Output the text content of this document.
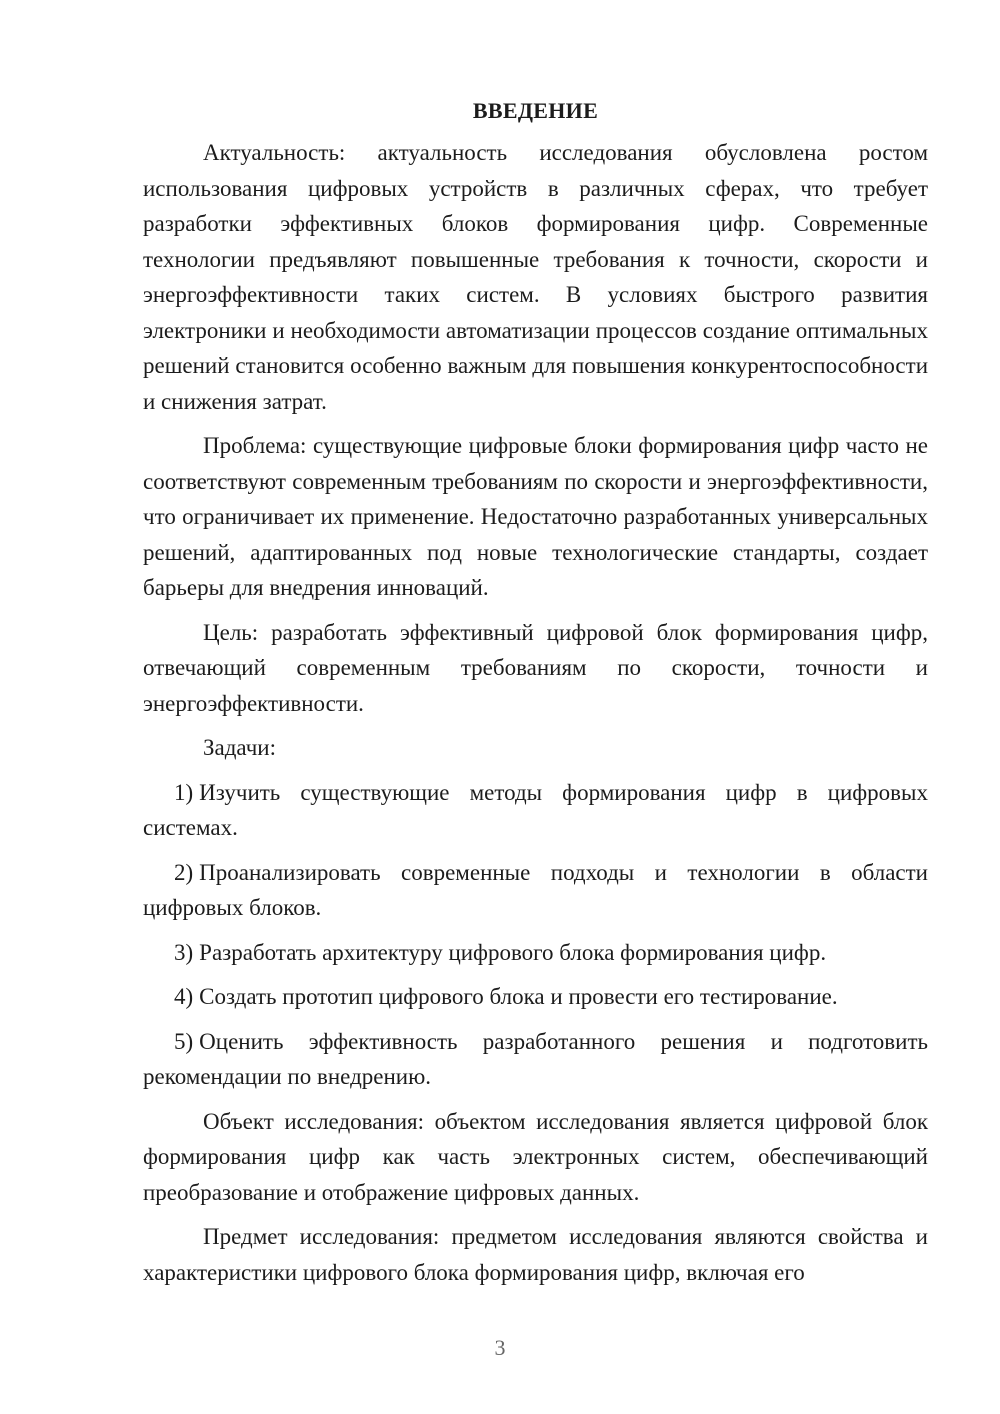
ВВЕДЕНИЕ

Актуальность: актуальность исследования обусловлена ростом использования цифровых устройств в различных сферах, что требует разработки эффективных блоков формирования цифр. Современные технологии предъявляют повышенные требования к точности, скорости и энергоэффективности таких систем. В условиях быстрого развития электроники и необходимости автоматизации процессов создание оптимальных решений становится особенно важным для повышения конкурентоспособности и снижения затрат.

Проблема: существующие цифровые блоки формирования цифр часто не соответствуют современным требованиям по скорости и энергоэффективности, что ограничивает их применение. Недостаточно разработанных универсальных решений, адаптированных под новые технологические стандарты, создает барьеры для внедрения инноваций.

Цель: разработать эффективный цифровой блок формирования цифр, отвечающий современным требованиям по скорости, точности и энергоэффективности.

Задачи:

1) Изучить существующие методы формирования цифр в цифровых системах.

2) Проанализировать современные подходы и технологии в области цифровых блоков.

3) Разработать архитектуру цифрового блока формирования цифр.

4) Создать прототип цифрового блока и провести его тестирование.

5) Оценить эффективность разработанного решения и подготовить рекомендации по внедрению.

Объект исследования: объектом исследования является цифровой блок формирования цифр как часть электронных систем, обеспечивающий преобразование и отображение цифровых данных.

Предмет исследования: предметом исследования являются свойства и характеристики цифрового блока формирования цифр, включая его

3
